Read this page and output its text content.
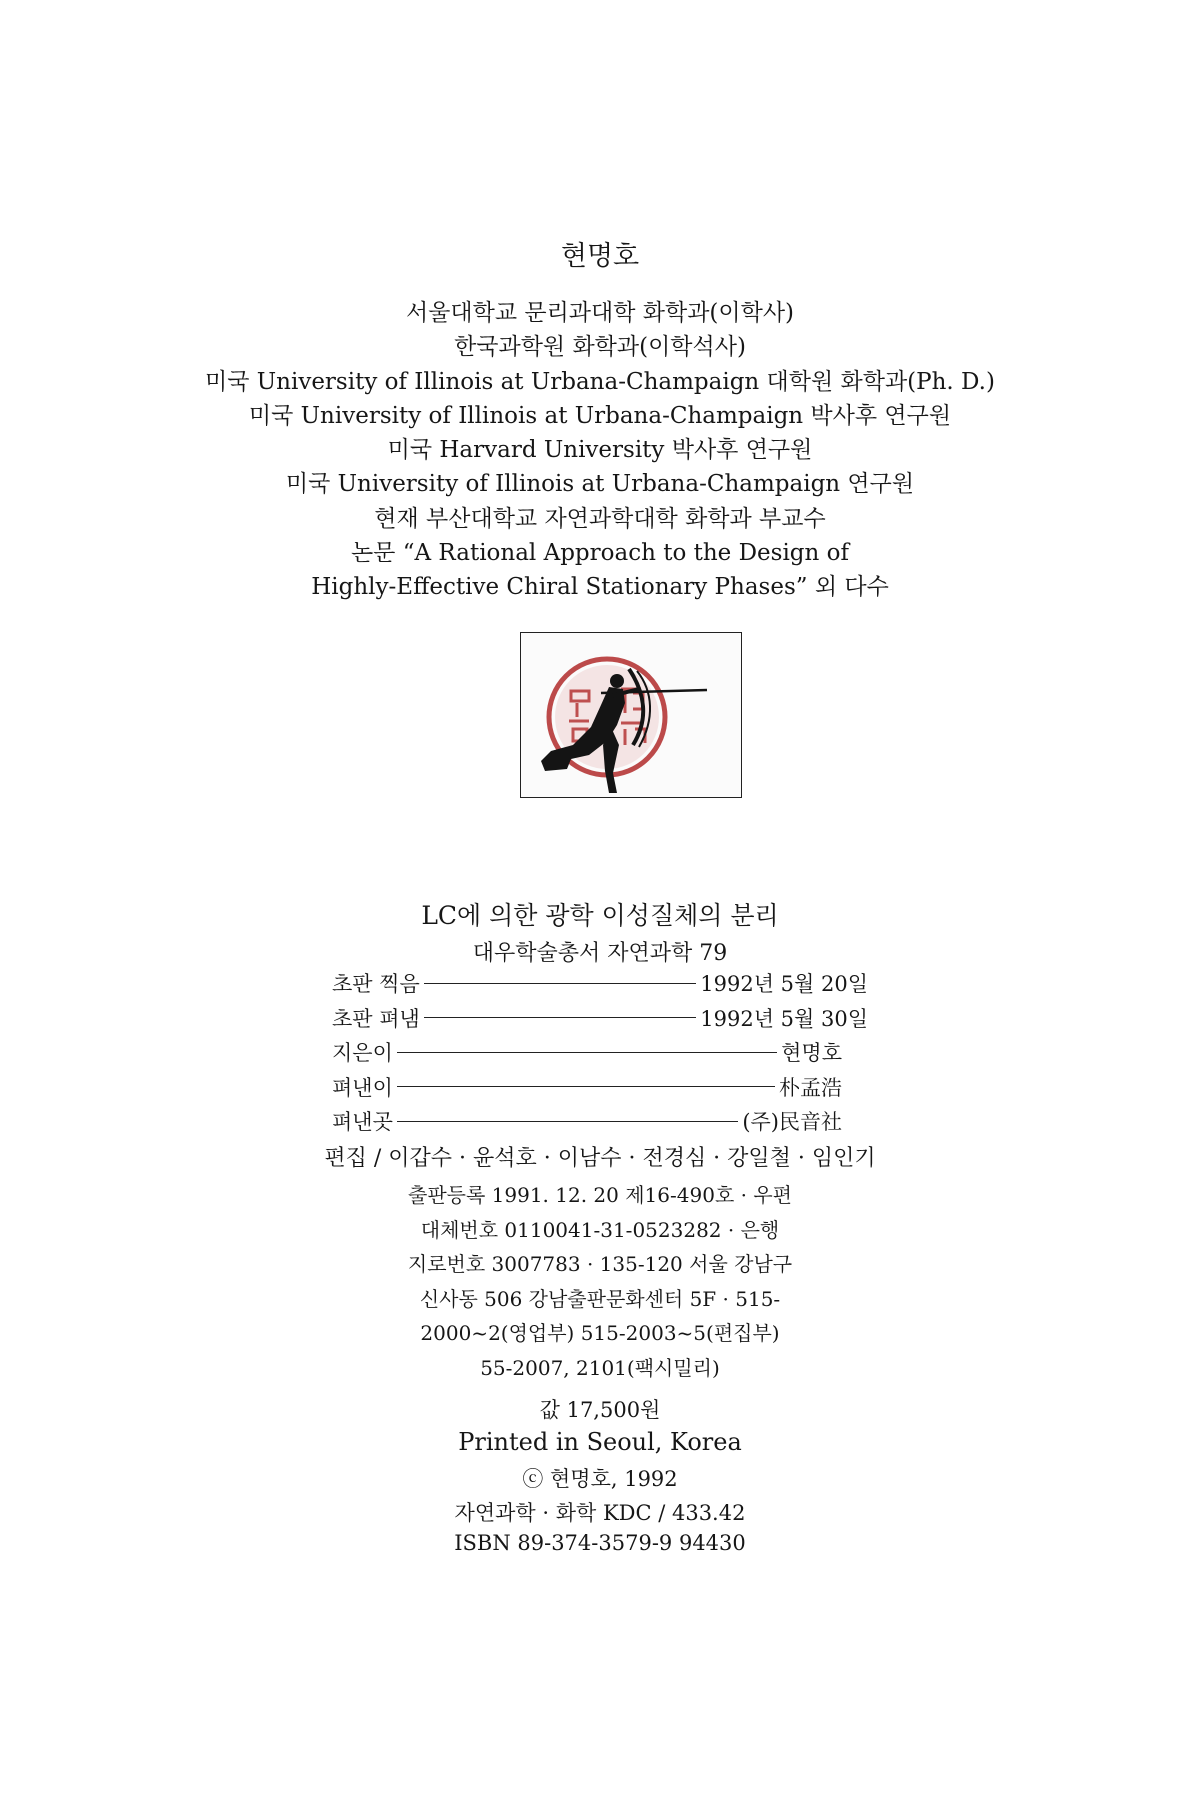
현명호
서울대학교 문리과대학 화학과(이학사)
한국과학원 화학과(이학석사)
미국 University of Illinois at Urbana-Champaign 대학원 화학과(Ph. D.)
미국 University of Illinois at Urbana-Champaign 박사후 연구원
미국 Harvard University 박사후 연구원
미국 University of Illinois at Urbana-Champaign 연구원
현재 부산대학교 자연과학대학 화학과 부교수
논문 “A Rational Approach to the Design of
Highly-Effective Chiral Stationary Phases” 외 다수
LC에 의한 광학 이성질체의 분리
대우학술총서 자연과학 79
초판 찍음	1992년 5월 20일
초판 펴냄	1992년 5월 30일
지은이	현명호
펴낸이	朴孟浩
펴낸곳	(주)民音社
편집 / 이갑수 · 윤석호 · 이남수 · 전경심 · 강일철 · 임인기
출판등록 1991. 12. 20 제16-490호 · 우편
대체번호 0110041-31-0523282 · 은행
지로번호 3007783 · 135-120 서울 강남구
신사동 506 강남출판문화센터 5F · 515-
2000~2(영업부) 515-2003~5(편집부)
55-2007, 2101(팩시밀리)
값 17,500원
Printed in Seoul, Korea
ⓒ 현명호, 1992
자연과학 · 화학 KDC / 433.42
ISBN 89-374-3579-9 94430
